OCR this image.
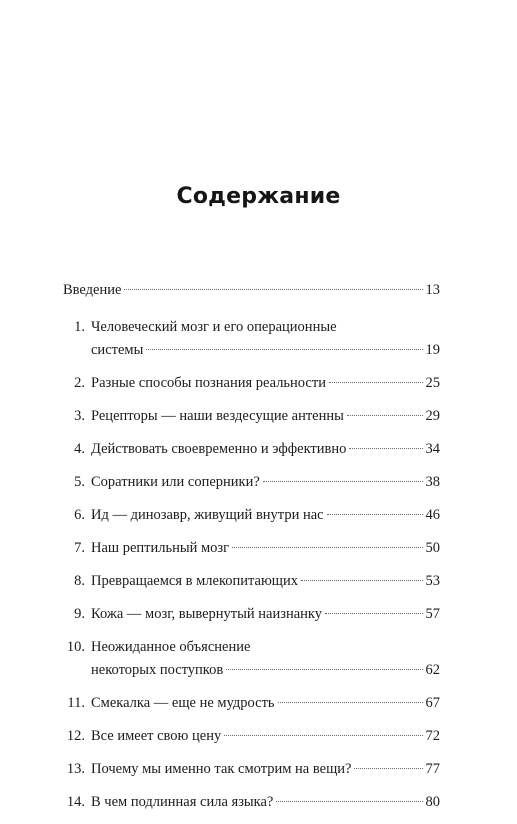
Содержание
Введение	13
1. Человеческий мозг и его операционные
системы	19
2. Разные способы познания реальности	25
3. Рецепторы — наши вездесущие антенны	29
4. Действовать своевременно и эффективно	34
5. Соратники или соперники?	38
6. Ид — динозавр, живущий внутри нас	46
7. Наш рептильный мозг	50
8. Превращаемся в млекопитающих	53
9. Кожа — мозг, вывернутый наизнанку	57
10. Неожиданное объяснение
некоторых поступков	62
11. Смекалка — еще не мудрость	67
12. Все имеет свою цену	72
13. Почему мы именно так смотрим на вещи?	77
14. В чем подлинная сила языка?	80
